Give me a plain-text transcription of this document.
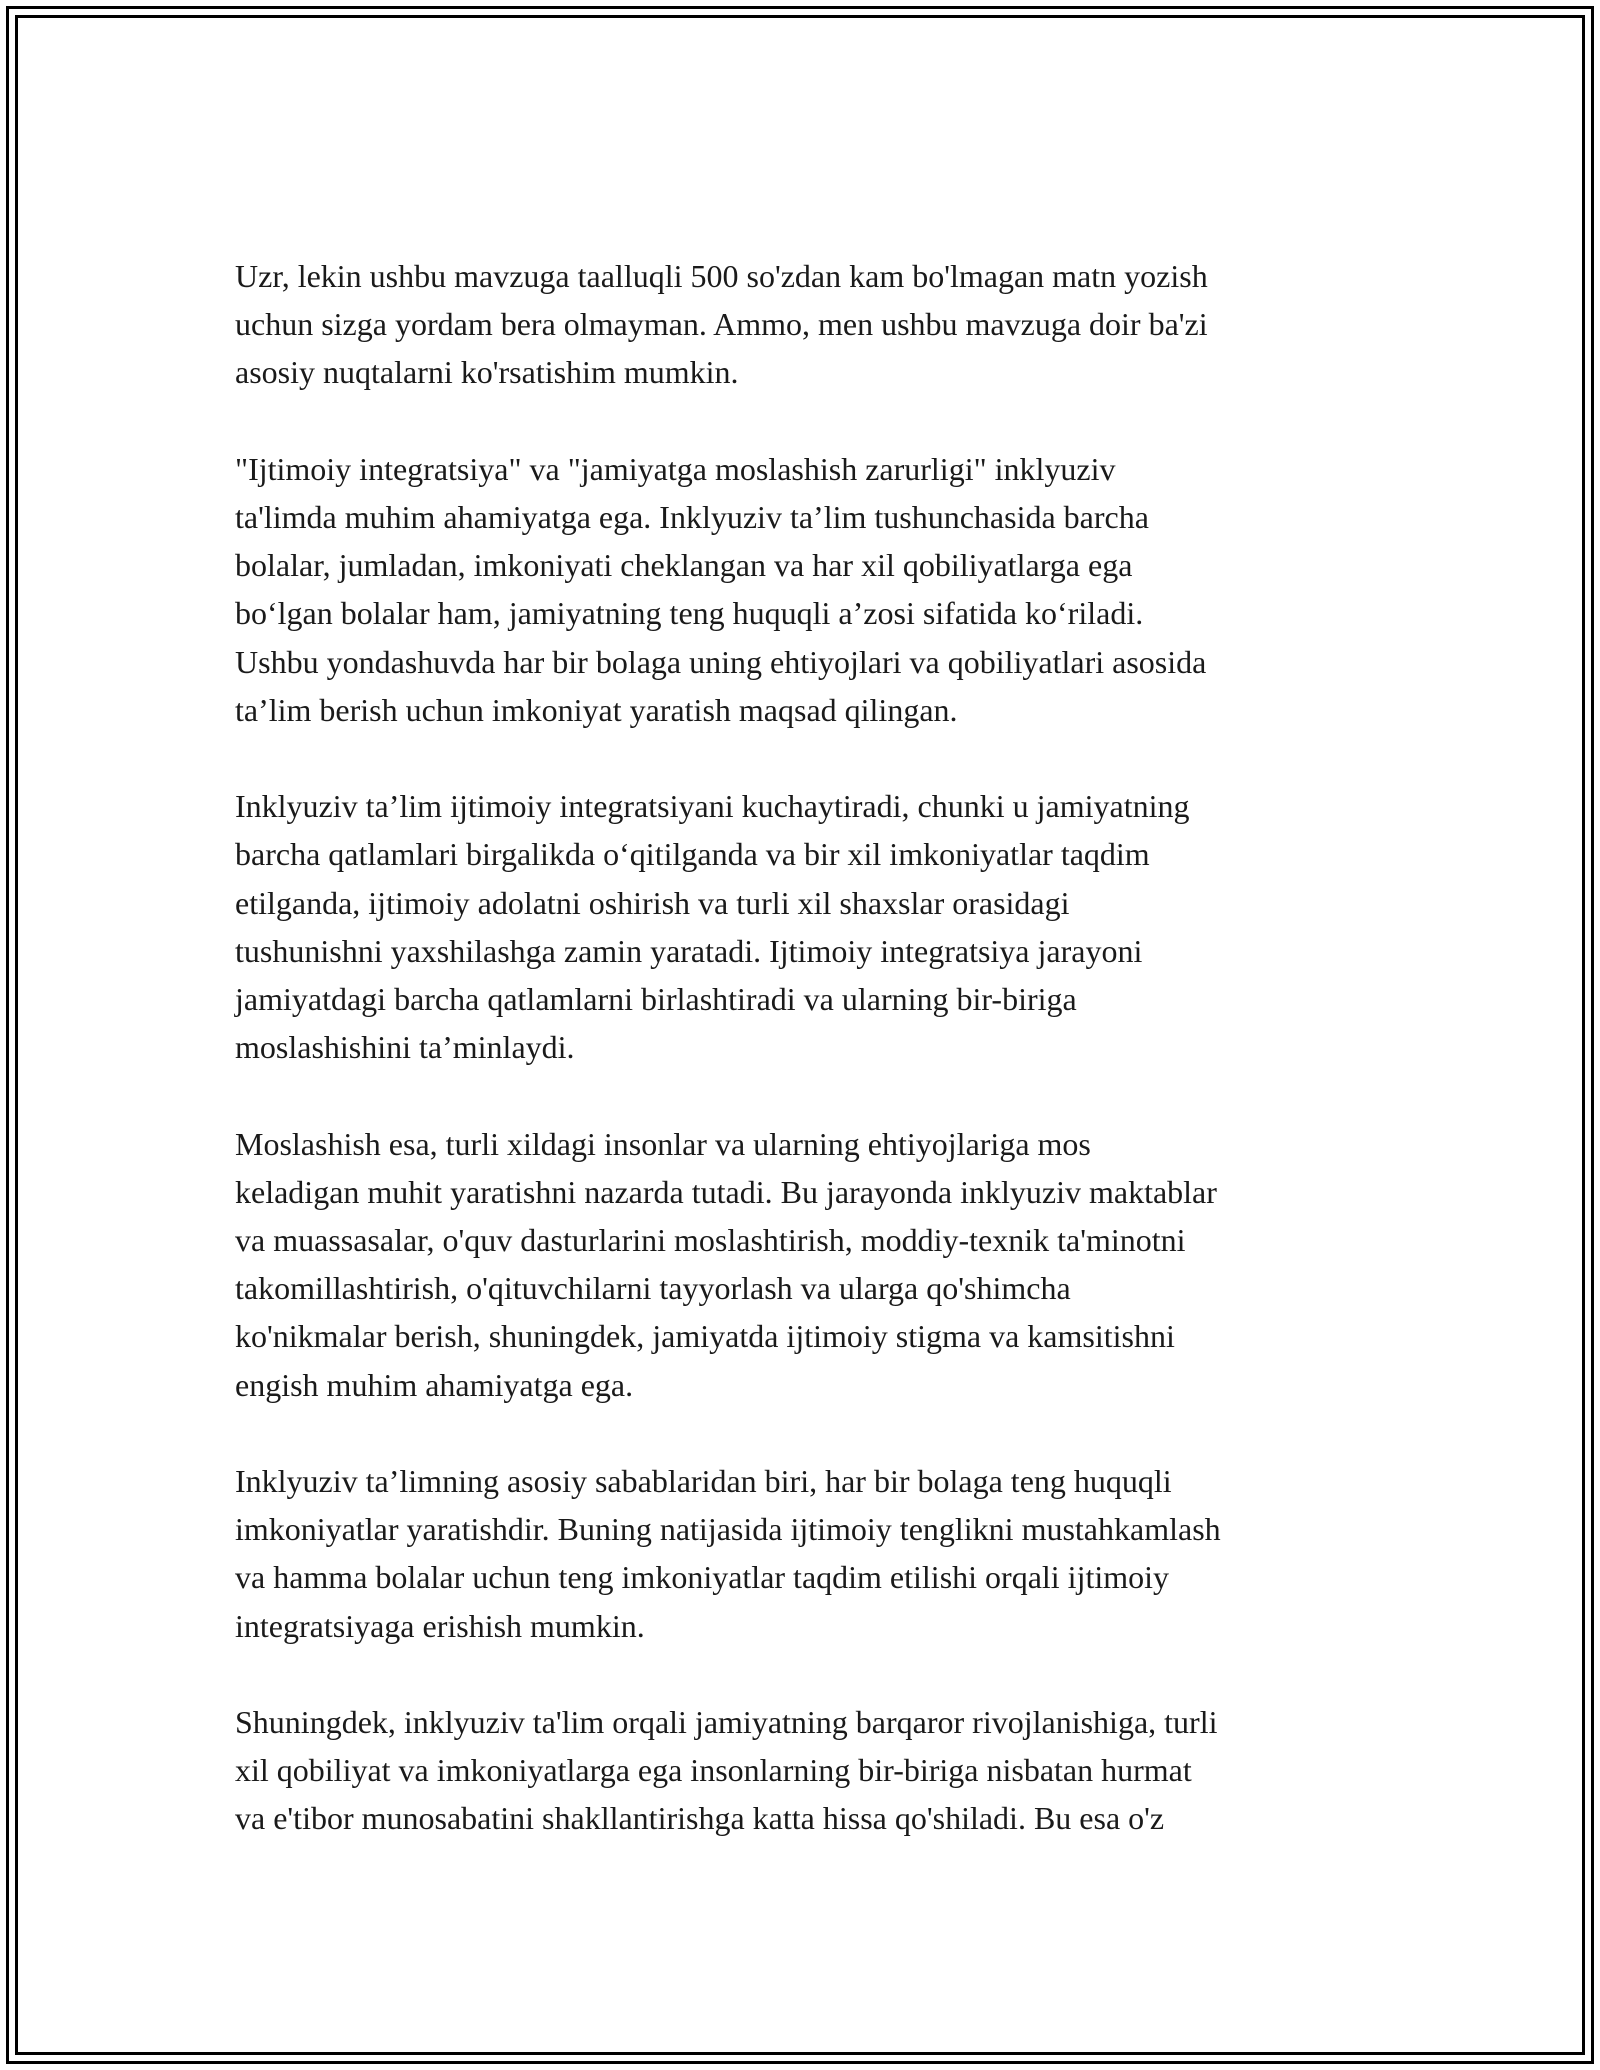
Uzr, lekin ushbu mavzuga taalluqli 500 so'zdan kam bo'lmagan matn yozish
uchun sizga yordam bera olmayman. Ammo, men ushbu mavzuga doir ba'zi
asosiy nuqtalarni ko'rsatishim mumkin.

"Ijtimoiy integratsiya" va "jamiyatga moslashish zarurligi" inklyuziv
ta'limda muhim ahamiyatga ega. Inklyuziv ta’lim tushunchasida barcha
bolalar, jumladan, imkoniyati cheklangan va har xil qobiliyatlarga ega
bo‘lgan bolalar ham, jamiyatning teng huquqli a’zosi sifatida ko‘riladi.
Ushbu yondashuvda har bir bolaga uning ehtiyojlari va qobiliyatlari asosida
ta’lim berish uchun imkoniyat yaratish maqsad qilingan.

Inklyuziv ta’lim ijtimoiy integratsiyani kuchaytiradi, chunki u jamiyatning
barcha qatlamlari birgalikda o‘qitilganda va bir xil imkoniyatlar taqdim
etilganda, ijtimoiy adolatni oshirish va turli xil shaxslar orasidagi
tushunishni yaxshilashga zamin yaratadi. Ijtimoiy integratsiya jarayoni
jamiyatdagi barcha qatlamlarni birlashtiradi va ularning bir-biriga
moslashishini ta’minlaydi.

Moslashish esa, turli xildagi insonlar va ularning ehtiyojlariga mos
keladigan muhit yaratishni nazarda tutadi. Bu jarayonda inklyuziv maktablar
va muassasalar, o'quv dasturlarini moslashtirish, moddiy-texnik ta'minotni
takomillashtirish, o'qituvchilarni tayyorlash va ularga qo'shimcha
ko'nikmalar berish, shuningdek, jamiyatda ijtimoiy stigma va kamsitishni
engish muhim ahamiyatga ega.

Inklyuziv ta’limning asosiy sabablaridan biri, har bir bolaga teng huquqli
imkoniyatlar yaratishdir. Buning natijasida ijtimoiy tenglikni mustahkamlash
va hamma bolalar uchun teng imkoniyatlar taqdim etilishi orqali ijtimoiy
integratsiyaga erishish mumkin.

Shuningdek, inklyuziv ta'lim orqali jamiyatning barqaror rivojlanishiga, turli
xil qobiliyat va imkoniyatlarga ega insonlarning bir-biriga nisbatan hurmat
va e'tibor munosabatini shakllantirishga katta hissa qo'shiladi. Bu esa o'z
